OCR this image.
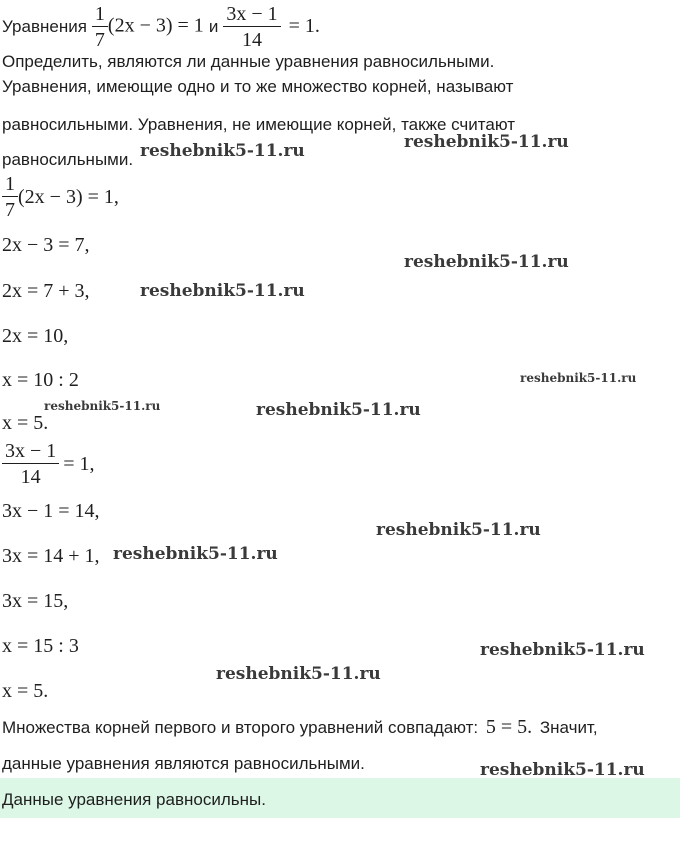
Уравнения $\frac{1}{7} (2x - 3) = 1$ и $\frac{3x - 1}{14} = 1$.
Определить, являются ли данные уравнения равносильными.
Уравнения, имеющие одно и то же множество корней, называют
равносильными. Уравнения, не имеющие корней, также считают
равносильными.
$\frac{1}{7} (2x - 3) = 1$,
2x − 3 = 7,
2x = 7 + 3,
2x = 10,
x = 10 : 2
x = 5.
$\frac{3x - 1}{14} = 1$,
3x − 1 = 14,
3x = 14 + 1,
3x = 15,
x = 15 : 3
x = 5.
Множества корней первого и второго уравнений совпадают: 5 = 5. Значит,
данные уравнения являются равносильными.
Данные уравнения равносильны.
reshebnik5-11.ru	reshebnik5-11.ru
reshebnik5-11.ru
reshebnik5-11.ru
reshebnik5-11.ru
reshebnik5-11.ru	reshebnik5-11.ru
reshebnik5-11.ru
reshebnik5-11.ru
reshebnik5-11.ru
reshebnik5-11.ru
reshebnik5-11.ru
